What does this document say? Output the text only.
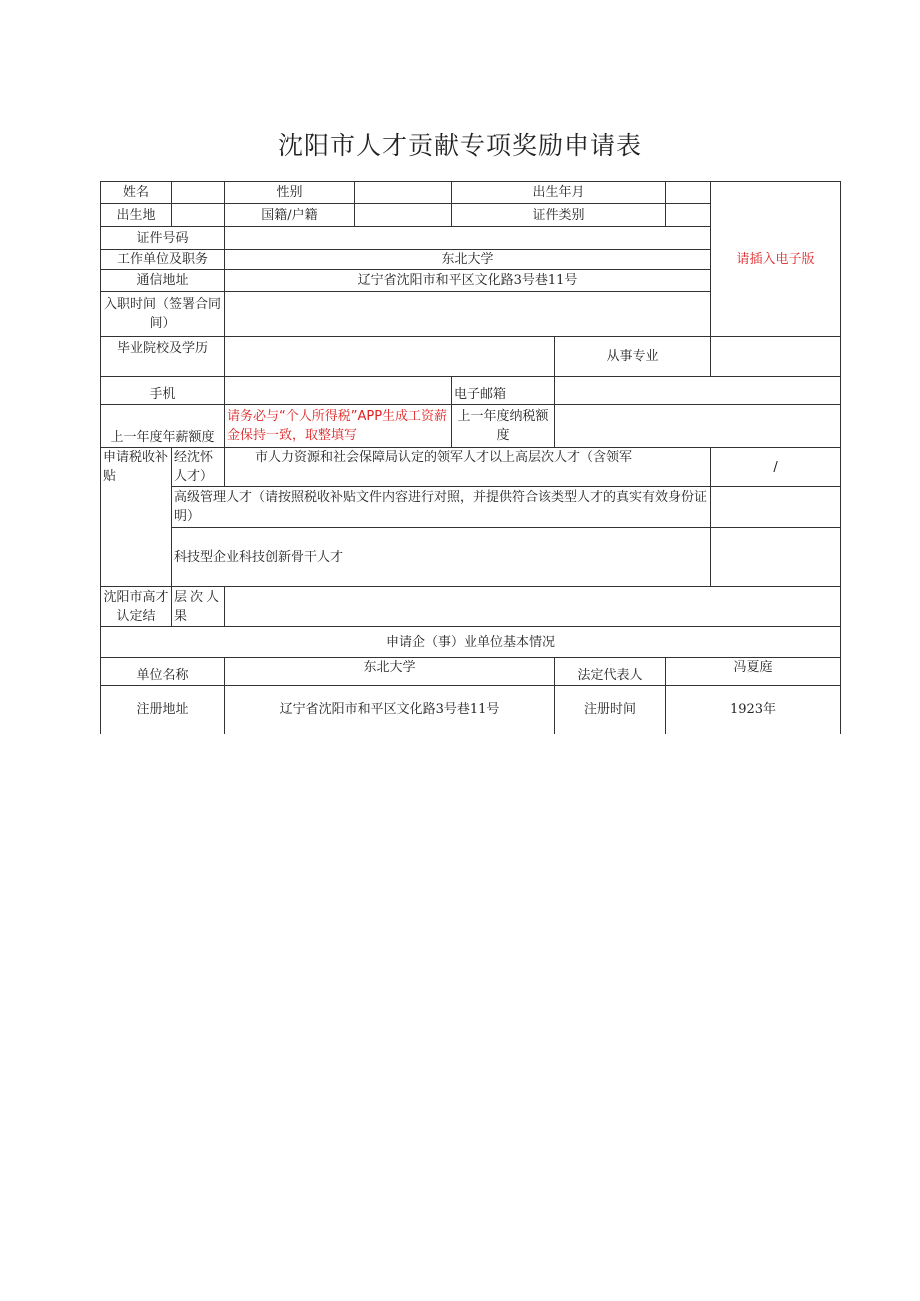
沈阳市人才贡献专项奖励申请表
姓名		性别		出生年月			请插入电子版
出生地		国籍/户籍		证件类别			
证件号码							
工作单位及职务		东北大学					
通信地址		辽宁省沈阳市和平区文化路3号巷11号					
入职时间（签署合同间）							
毕业院校及学历					从事专业		
手机				电子邮箱			
上一年度年薪额度		请务必与“个人所得税”APP生成工资薪金保持一致，取整填写		上一年度纳税额度			
申请税收补贴	经沈怀人才）	市人力资源和社会保障局认定的领军人才以上高层次人才（含领军					/
	高级管理人才（请按照税收补贴文件内容进行对照，并提供符合该类型人才的真实有效身份证明）						
	科技型企业科技创新骨干人才						
沈阳市高才认定结	层次人果						
申请企（事）业单位基本情况							
单位名称		东北大学			法定代表人	冯夏庭	
注册地址		辽宁省沈阳市和平区文化路3号巷11号			注册时间	1923年	
